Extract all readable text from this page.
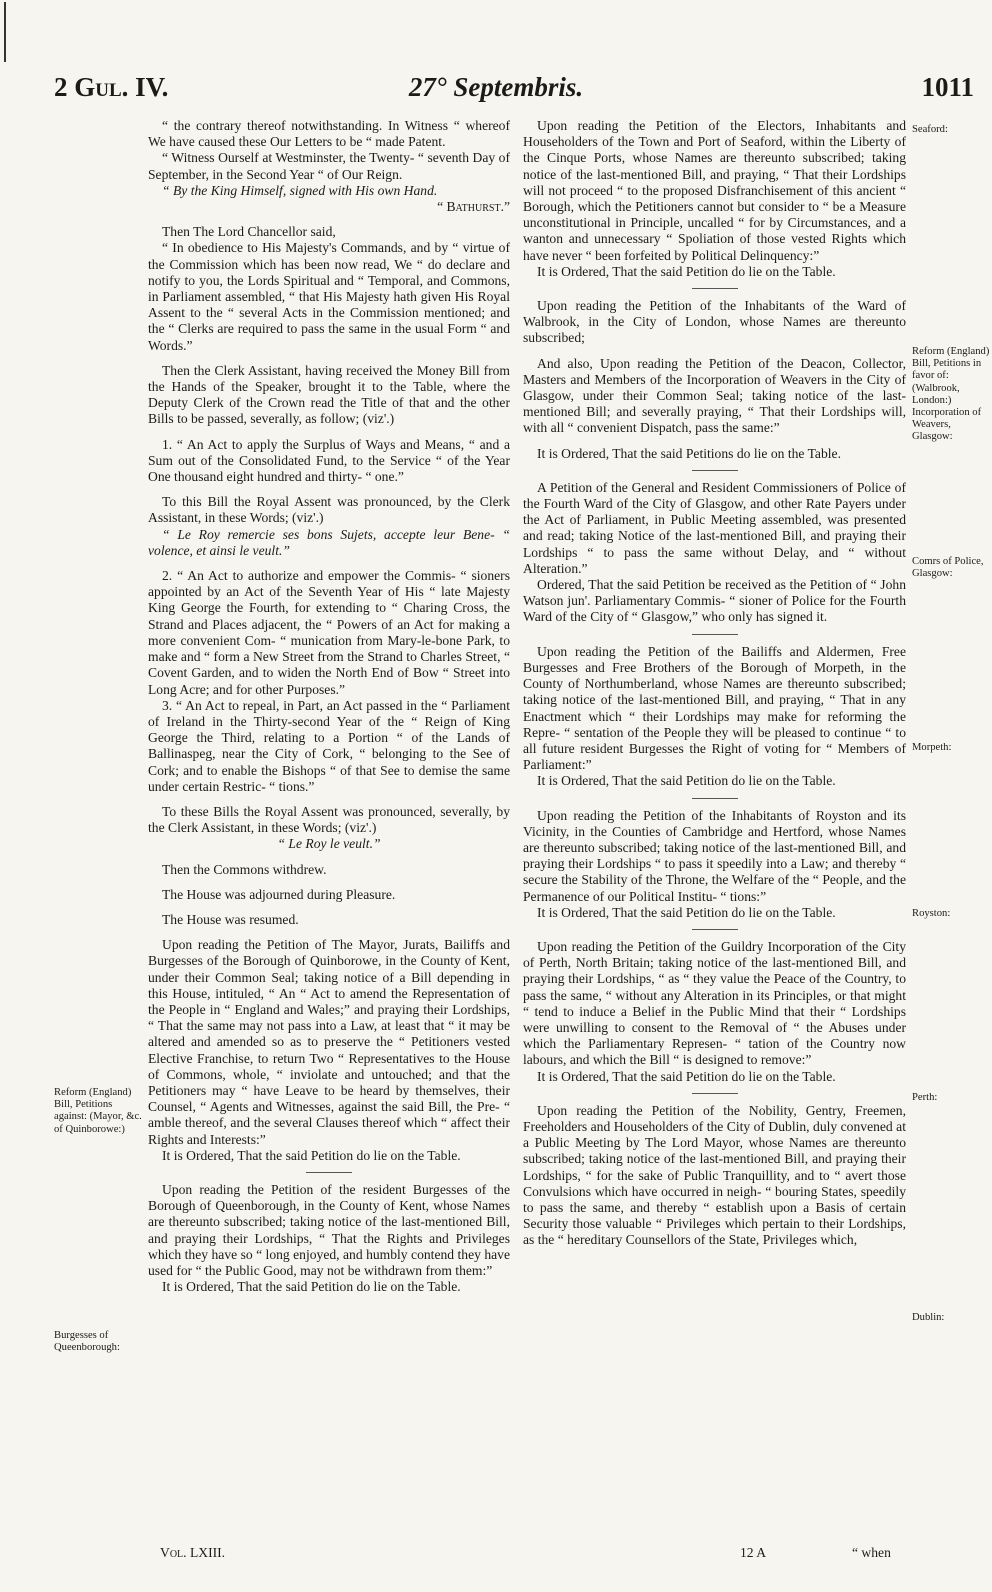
2 Gul. IV.	27° Septembris.	1011
Reform (England) Bill, Petitions against: (Mayor, &c. of Quinborowe:)
Burgesses of Queenborough:
Seaford:
Reform (England) Bill, Petitions in favor of: (Walbrook, London:) Incorporation of Weavers, Glasgow:
Comrs of Police, Glasgow:
Morpeth:
Royston:
Perth:
Dublin:

“ the contrary thereof notwithstanding. In Witness “ whereof We have caused these Our Letters to be “ made Patent.

“ Witness Ourself at Westminster, the Twenty- “ seventh Day of September, in the Second Year “ of Our Reign.

“ By the King Himself, signed with His own Hand.

“ Bathurst.”

Then The Lord Chancellor said,

“ In obedience to His Majesty's Commands, and by “ virtue of the Commission which has been now read, We “ do declare and notify to you, the Lords Spiritual and “ Temporal, and Commons, in Parliament assembled, “ that His Majesty hath given His Royal Assent to the “ several Acts in the Commission mentioned; and the “ Clerks are required to pass the same in the usual Form “ and Words.”

Then the Clerk Assistant, having received the Money Bill from the Hands of the Speaker, brought it to the Table, where the Deputy Clerk of the Crown read the Title of that and the other Bills to be passed, severally, as follow; (viz'.)

1. “ An Act to apply the Surplus of Ways and Means, “ and a Sum out of the Consolidated Fund, to the Service “ of the Year One thousand eight hundred and thirty- “ one.”

To this Bill the Royal Assent was pronounced, by the Clerk Assistant, in these Words; (viz'.)

“ Le Roy remercie ses bons Sujets, accepte leur Bene- “ volence, et ainsi le veult.”

2. “ An Act to authorize and empower the Commis- “ sioners appointed by an Act of the Seventh Year of His “ late Majesty King George the Fourth, for extending to “ Charing Cross, the Strand and Places adjacent, the “ Powers of an Act for making a more convenient Com- “ munication from Mary-le-bone Park, to make and “ form a New Street from the Strand to Charles Street, “ Covent Garden, and to widen the North End of Bow “ Street into Long Acre; and for other Purposes.”

3. “ An Act to repeal, in Part, an Act passed in the “ Parliament of Ireland in the Thirty-second Year of the “ Reign of King George the Third, relating to a Portion “ of the Lands of Ballinaspeg, near the City of Cork, “ belonging to the See of Cork; and to enable the Bishops “ of that See to demise the same under certain Restric- “ tions.”

To these Bills the Royal Assent was pronounced, severally, by the Clerk Assistant, in these Words; (viz'.)

“ Le Roy le veult.”

Then the Commons withdrew.

The House was adjourned during Pleasure.

The House was resumed.

Upon reading the Petition of The Mayor, Jurats, Bailiffs and Burgesses of the Borough of Quinborowe, in the County of Kent, under their Common Seal; taking notice of a Bill depending in this House, intituled, “ An “ Act to amend the Representation of the People in “ England and Wales;” and praying their Lordships, “ That the same may not pass into a Law, at least that “ it may be altered and amended so as to preserve the “ Petitioners vested Elective Franchise, to return Two “ Representatives to the House of Commons, whole, “ inviolate and untouched; and that the Petitioners may “ have Leave to be heard by themselves, their Counsel, “ Agents and Witnesses, against the said Bill, the Pre- “ amble thereof, and the several Clauses thereof which “ affect their Rights and Interests:”

It is Ordered, That the said Petition do lie on the Table.

Upon reading the Petition of the resident Burgesses of the Borough of Queenborough, in the County of Kent, whose Names are thereunto subscribed; taking notice of the last-mentioned Bill, and praying their Lordships, “ That the Rights and Privileges which they have so “ long enjoyed, and humbly contend they have used for “ the Public Good, may not be withdrawn from them:”

It is Ordered, That the said Petition do lie on the Table.

Upon reading the Petition of the Electors, Inhabitants and Householders of the Town and Port of Seaford, within the Liberty of the Cinque Ports, whose Names are thereunto subscribed; taking notice of the last-mentioned Bill, and praying, “ That their Lordships will not proceed “ to the proposed Disfranchisement of this ancient “ Borough, which the Petitioners cannot but consider to “ be a Measure unconstitutional in Principle, uncalled “ for by Circumstances, and a wanton and unnecessary “ Spoliation of those vested Rights which have never “ been forfeited by Political Delinquency:”

It is Ordered, That the said Petition do lie on the Table.

Upon reading the Petition of the Inhabitants of the Ward of Walbrook, in the City of London, whose Names are thereunto subscribed;

And also, Upon reading the Petition of the Deacon, Collector, Masters and Members of the Incorporation of Weavers in the City of Glasgow, under their Common Seal; taking notice of the last-mentioned Bill; and severally praying, “ That their Lordships will, with all “ convenient Dispatch, pass the same:”

It is Ordered, That the said Petitions do lie on the Table.

A Petition of the General and Resident Commissioners of Police of the Fourth Ward of the City of Glasgow, and other Rate Payers under the Act of Parliament, in Public Meeting assembled, was presented and read; taking Notice of the last-mentioned Bill, and praying their Lordships “ to pass the same without Delay, and “ without Alteration.”

Ordered, That the said Petition be received as the Petition of “ John Watson jun'. Parliamentary Commis- “ sioner of Police for the Fourth Ward of the City of “ Glasgow,” who only has signed it.

Upon reading the Petition of the Bailiffs and Aldermen, Free Burgesses and Free Brothers of the Borough of Morpeth, in the County of Northumberland, whose Names are thereunto subscribed; taking notice of the last-mentioned Bill, and praying, “ That in any Enactment which “ their Lordships may make for reforming the Repre- “ sentation of the People they will be pleased to continue “ to all future resident Burgesses the Right of voting for “ Members of Parliament:”

It is Ordered, That the said Petition do lie on the Table.

Upon reading the Petition of the Inhabitants of Royston and its Vicinity, in the Counties of Cambridge and Hertford, whose Names are thereunto subscribed; taking notice of the last-mentioned Bill, and praying their Lordships “ to pass it speedily into a Law; and thereby “ secure the Stability of the Throne, the Welfare of the “ People, and the Permanence of our Political Institu- “ tions:”

It is Ordered, That the said Petition do lie on the Table.

Upon reading the Petition of the Guildry Incorporation of the City of Perth, North Britain; taking notice of the last-mentioned Bill, and praying their Lordships, “ as “ they value the Peace of the Country, to pass the same, “ without any Alteration in its Principles, or that might “ tend to induce a Belief in the Public Mind that their “ Lordships were unwilling to consent to the Removal of “ the Abuses under which the Parliamentary Represen- “ tation of the Country now labours, and which the Bill “ is designed to remove:”

It is Ordered, That the said Petition do lie on the Table.

Upon reading the Petition of the Nobility, Gentry, Freemen, Freeholders and Householders of the City of Dublin, duly convened at a Public Meeting by The Lord Mayor, whose Names are thereunto subscribed; taking notice of the last-mentioned Bill, and praying their Lordships, “ for the sake of Public Tranquillity, and to “ avert those Convulsions which have occurred in neigh- “ bouring States, speedily to pass the same, and thereby “ establish upon a Basis of certain Security those valuable “ Privileges which pertain to their Lordships, as the “ hereditary Counsellors of the State, Privileges which,

Vol. LXIII.	12 A	“ when
